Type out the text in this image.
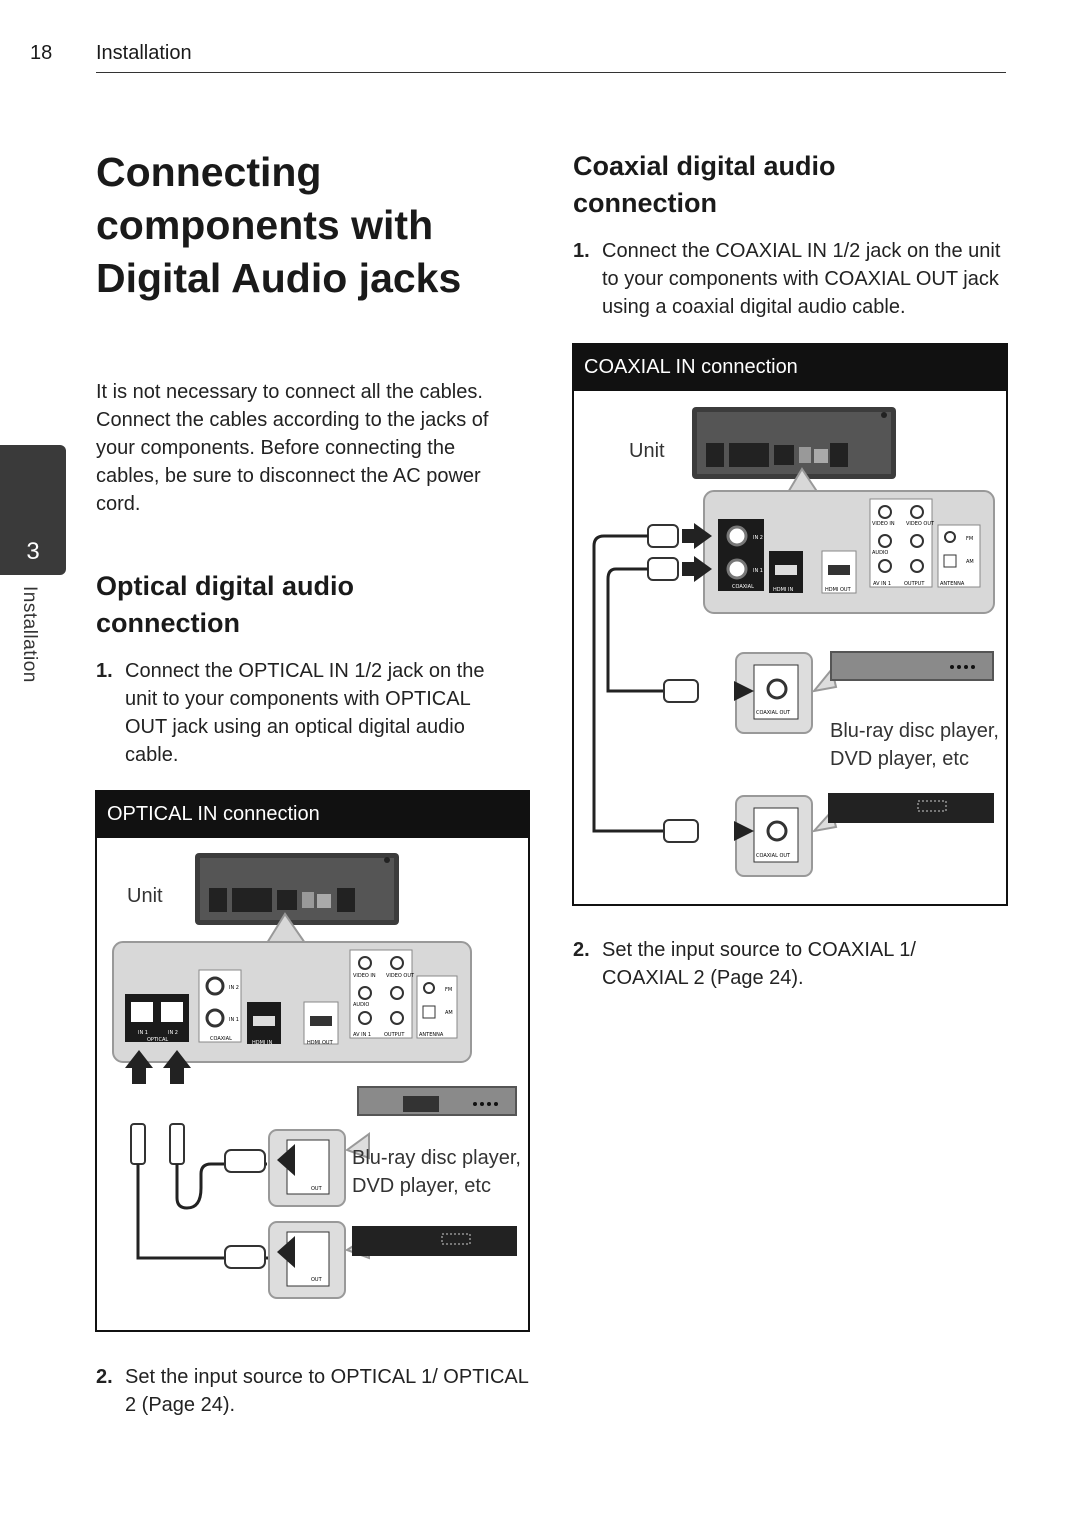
18 Installation
3
Installation
Connecting
components with
Digital Audio jacks
It is not necessary to connect all the cables. Connect the cables according to the jacks of your components. Before connecting the cables, be sure to disconnect the AC power cord.
Optical digital audio
connection
1. Connect the OPTICAL IN 1/2 jack on the unit to your components with OPTICAL OUT jack using an optical digital audio cable.
OPTICAL IN connection
IN 1	IN 2
OPTICAL
IN 2
IN 1
COAXIAL
HDMI IN	HDMI OUT
VIDEO IN VIDEO OUT
AUDIO
AV IN 1	OUTPUT
FM
AM
ANTENNA
OUT
OUT
Unit
Blu-ray disc player,
DVD player, etc
2. Set the input source to OPTICAL 1/ OPTICAL 2 (Page 24).
Coaxial digital audio
connection
1. Connect the COAXIAL IN 1/2 jack on the unit to your components with COAXIAL OUT jack using a coaxial digital audio cable.
COAXIAL IN connection
IN 2
IN 1
COAXIAL	HDMI IN	HDMI OUT
VIDEO IN VIDEO OUT
AUDIO
AV IN 1	OUTPUT
FM
AM
ANTENNA
COAXIAL OUT
COAXIAL OUT
Unit
Blu-ray disc player,
DVD player, etc
2. Set the input source to COAXIAL 1/ COAXIAL 2 (Page 24).
